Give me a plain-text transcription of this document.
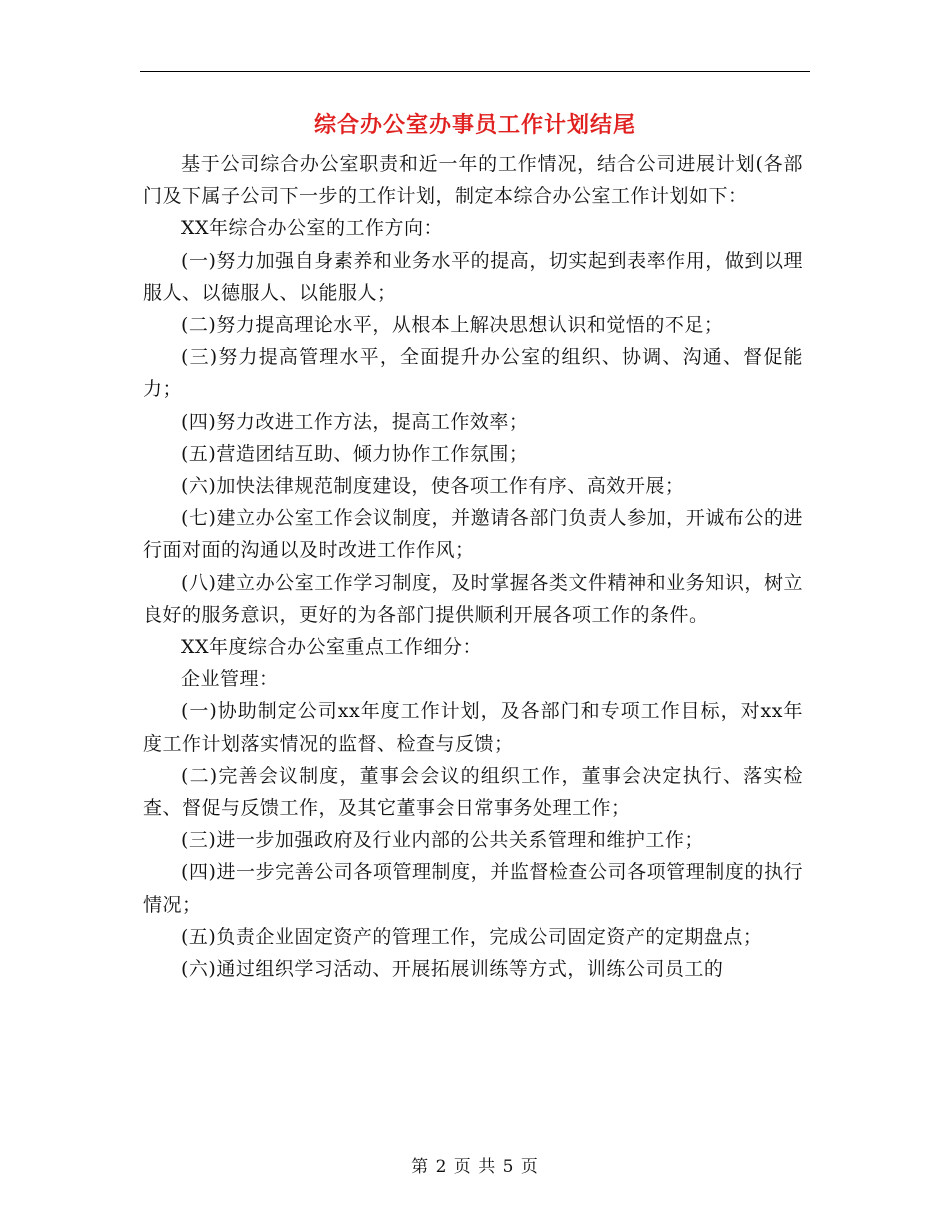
综合办公室办事员工作计划结尾

基于公司综合办公室职责和近一年的工作情况，结合公司进展计划(各部门及下属子公司下一步的工作计划，制定本综合办公室工作计划如下：

XX年综合办公室的工作方向：

(一)努力加强自身素养和业务水平的提高，切实起到表率作用，做到以理服人、以德服人、以能服人；

(二)努力提高理论水平，从根本上解决思想认识和觉悟的不足；

(三)努力提高管理水平，全面提升办公室的组织、协调、沟通、督促能力；

(四)努力改进工作方法，提高工作效率；

(五)营造团结互助、倾力协作工作氛围；

(六)加快法律规范制度建设，使各项工作有序、高效开展；

(七)建立办公室工作会议制度，并邀请各部门负责人参加，开诚布公的进行面对面的沟通以及时改进工作作风；

(八)建立办公室工作学习制度，及时掌握各类文件精神和业务知识，树立良好的服务意识，更好的为各部门提供顺利开展各项工作的条件。

XX年度综合办公室重点工作细分：

企业管理：

(一)协助制定公司xx年度工作计划，及各部门和专项工作目标，对xx年度工作计划落实情况的监督、检查与反馈；

(二)完善会议制度，董事会会议的组织工作，董事会决定执行、落实检查、督促与反馈工作，及其它董事会日常事务处理工作；

(三)进一步加强政府及行业内部的公共关系管理和维护工作；

(四)进一步完善公司各项管理制度，并监督检查公司各项管理制度的执行情况；

(五)负责企业固定资产的管理工作，完成公司固定资产的定期盘点；

(六)通过组织学习活动、开展拓展训练等方式，训练公司员工的

第 2 页 共 5 页
